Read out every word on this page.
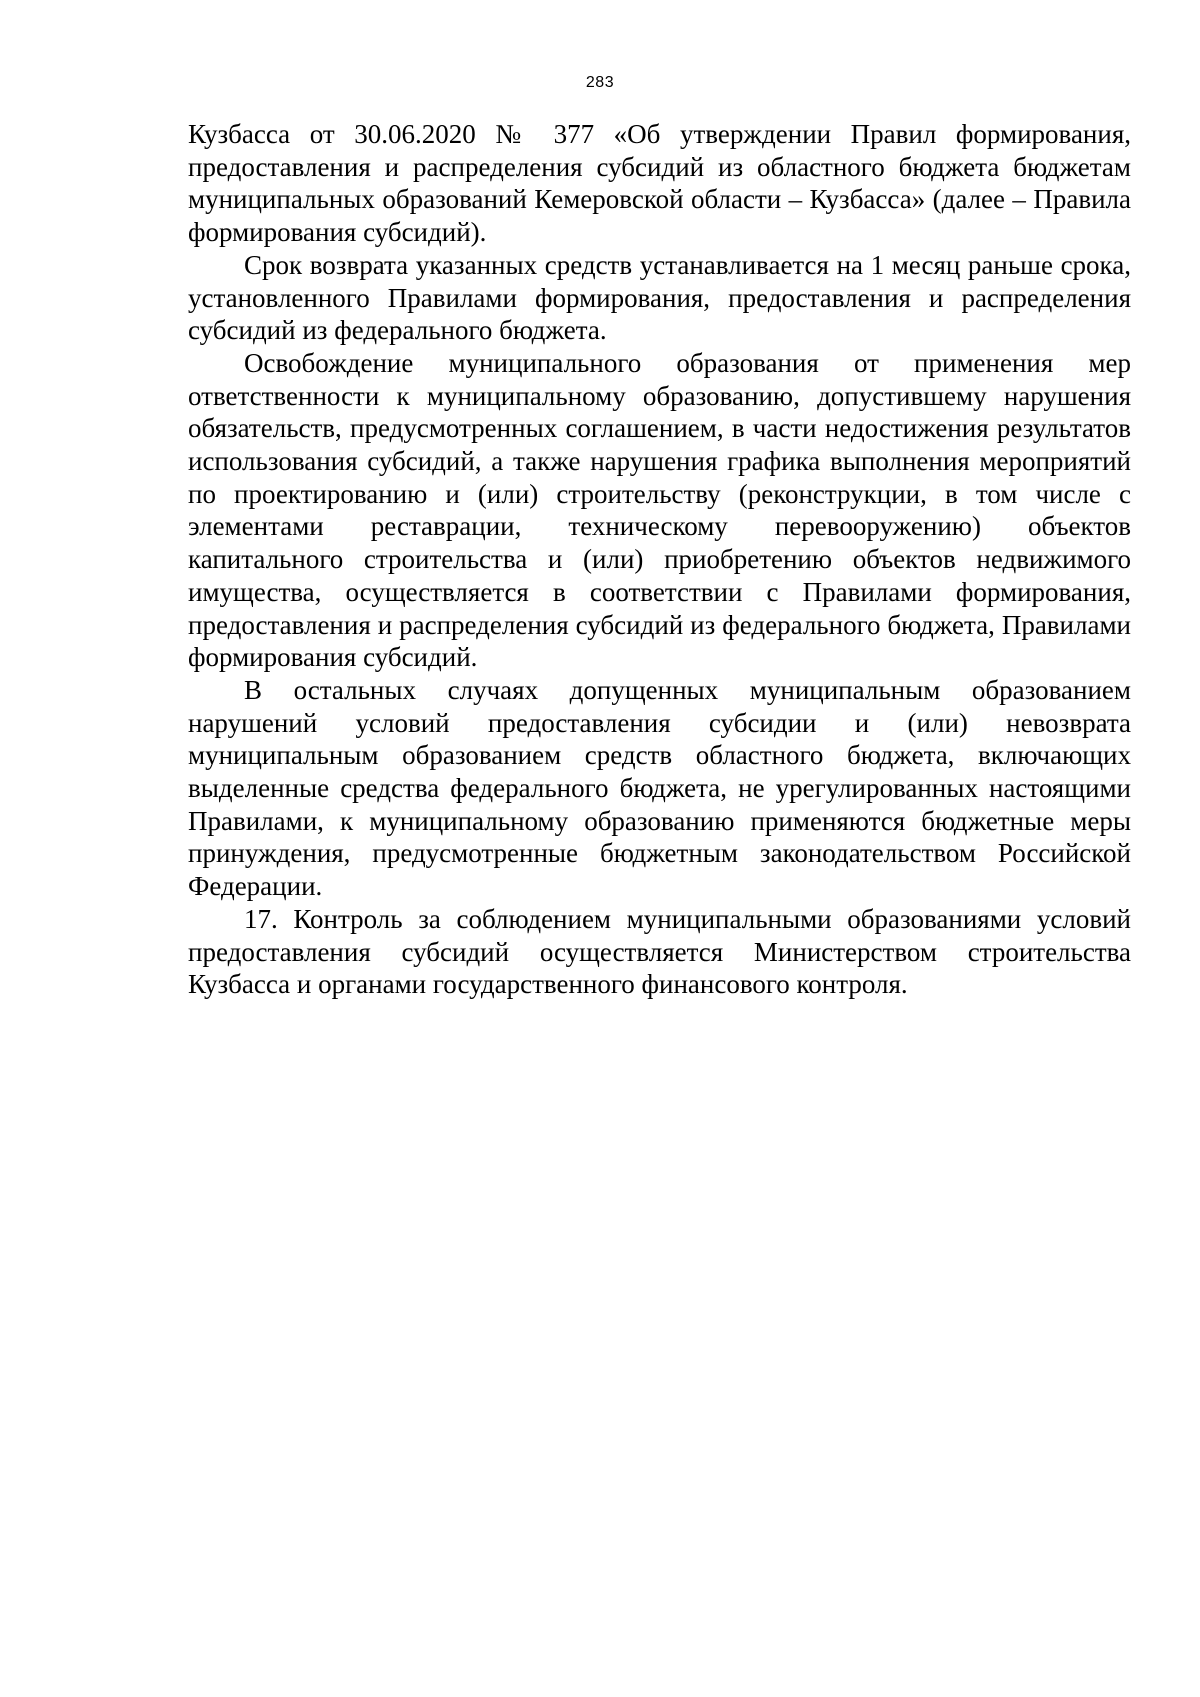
283

Кузбасса от 30.06.2020 № 377 «Об утверждении Правил формирования, предоставления и распределения субсидий из областного бюджета бюджетам муниципальных образований Кемеровской области – Кузбасса» (далее – Правила формирования субсидий).

Срок возврата указанных средств устанавливается на 1 месяц раньше срока, установленного Правилами формирования, предоставления и распределения субсидий из федерального бюджета.

Освобождение муниципального образования от применения мер ответственности к муниципальному образованию, допустившему нарушения обязательств, предусмотренных соглашением, в части недостижения результатов использования субсидий, а также нарушения графика выполнения мероприятий по проектированию и (или) строительству (реконструкции, в том числе с элементами реставрации, техническому перевооружению) объектов капитального строительства и (или) приобретению объектов недвижимого имущества, осуществляется в соответствии с Правилами формирования, предоставления и распределения субсидий из федерального бюджета, Правилами формирования субсидий.

В остальных случаях допущенных муниципальным образованием нарушений условий предоставления субсидии и (или) невозврата муниципальным образованием средств областного бюджета, включающих выделенные средства федерального бюджета, не урегулированных настоящими Правилами, к муниципальному образованию применяются бюджетные меры принуждения, предусмотренные бюджетным законодательством Российской Федерации.

17. Контроль за соблюдением муниципальными образованиями условий предоставления субсидий осуществляется Министерством строительства Кузбасса и органами государственного финансового контроля.
